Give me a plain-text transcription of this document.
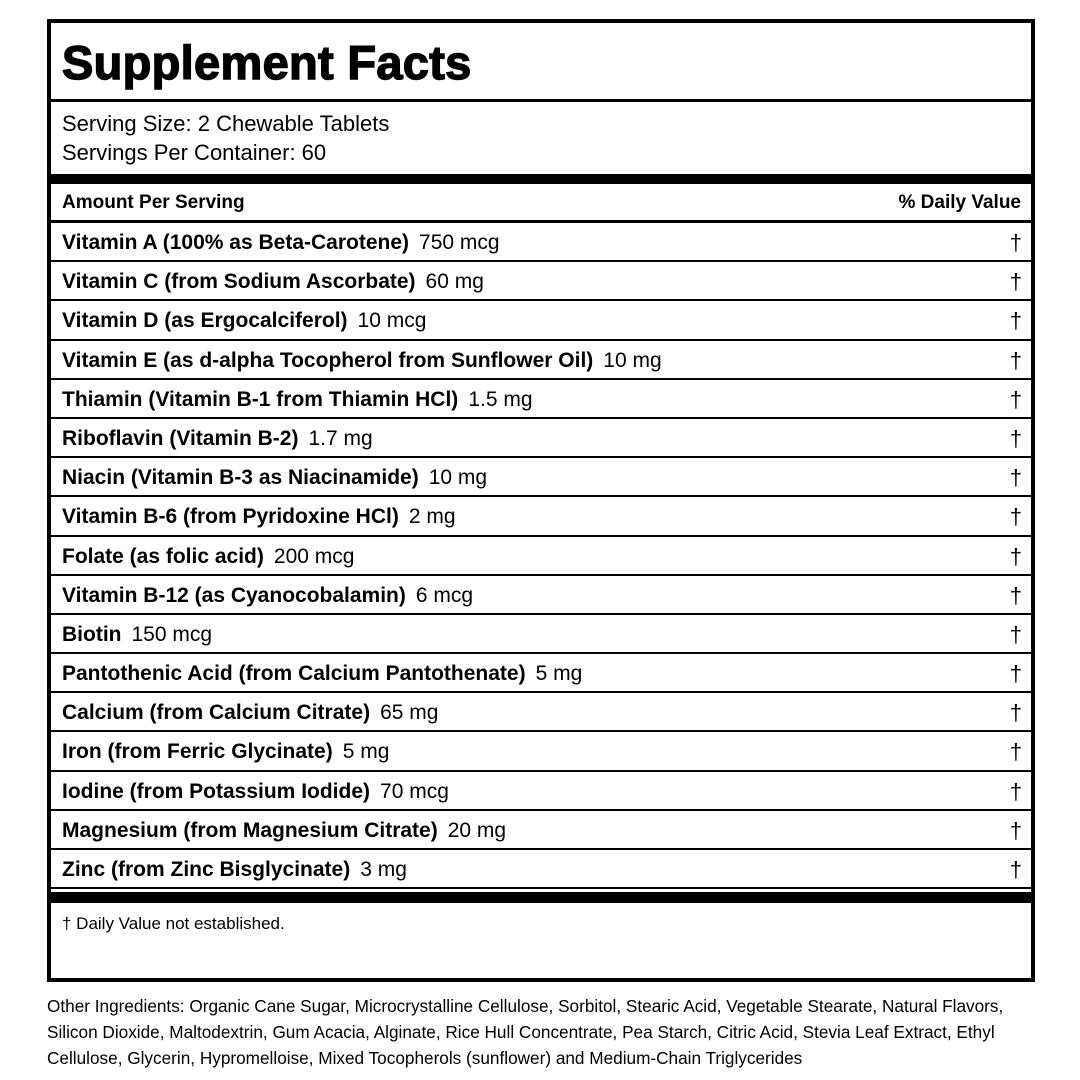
Supplement Facts
Serving Size: 2 Chewable Tablets
Servings Per Container: 60
Amount Per Serving	% Daily Value
Vitamin A (100% as Beta-Carotene) 750 mcg	†
Vitamin C (from Sodium Ascorbate) 60 mg	†
Vitamin D (as Ergocalciferol) 10 mcg	†
Vitamin E (as d-alpha Tocopherol from Sunflower Oil) 10 mg	†
Thiamin (Vitamin B-1 from Thiamin HCl) 1.5 mg	†
Riboflavin (Vitamin B-2) 1.7 mg	†
Niacin (Vitamin B-3 as Niacinamide) 10 mg	†
Vitamin B-6 (from Pyridoxine HCl) 2 mg	†
Folate (as folic acid) 200 mcg	†
Vitamin B-12 (as Cyanocobalamin) 6 mcg	†
Biotin 150 mcg	†
Pantothenic Acid (from Calcium Pantothenate) 5 mg	†
Calcium (from Calcium Citrate) 65 mg	†
Iron (from Ferric Glycinate) 5 mg	†
Iodine (from Potassium Iodide) 70 mcg	†
Magnesium (from Magnesium Citrate) 20 mg	†
Zinc (from Zinc Bisglycinate) 3 mg	†
† Daily Value not established.
Other Ingredients: Organic Cane Sugar, Microcrystalline Cellulose, Sorbitol, Stearic Acid, Vegetable Stearate, Natural Flavors, Silicon Dioxide, Maltodextrin, Gum Acacia, Alginate, Rice Hull Concentrate, Pea Starch, Citric Acid, Stevia Leaf Extract, Ethyl Cellulose, Glycerin, Hypromelloise, Mixed Tocopherols (sunflower) and Medium-Chain Triglycerides
